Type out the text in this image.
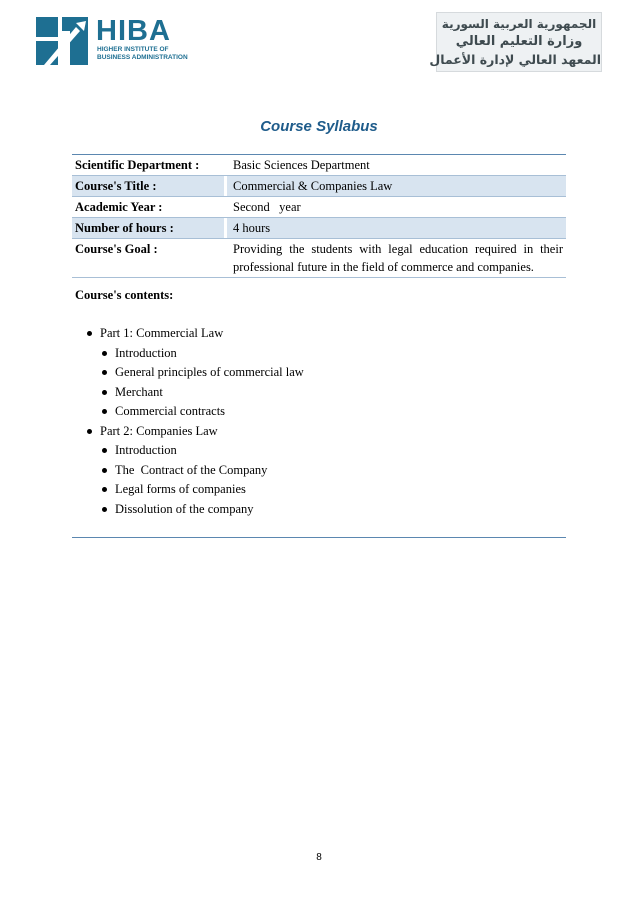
HIBA
HIGHER INSTITUTE OF
BUSINESS ADMINISTRATION
الجمهورية العربية السورية
وزارة التعليم العالي
المعهد العالي لإدارة الأعمال
Course Syllabus
Scientific Department :		Basic Sciences Department
Course's Title :		Commercial & Companies Law
Academic Year :		Second   year
Number of hours :		4 hours
Course's Goal :		Providing the students with legal education required in their professional future in the field of commerce and companies.
Course's contents:
Part 1: Commercial Law
Introduction
General principles of commercial law
Merchant
Commercial contracts
Part 2: Companies Law
Introduction
The  Contract of the Company
Legal forms of companies
Dissolution of the company
8
